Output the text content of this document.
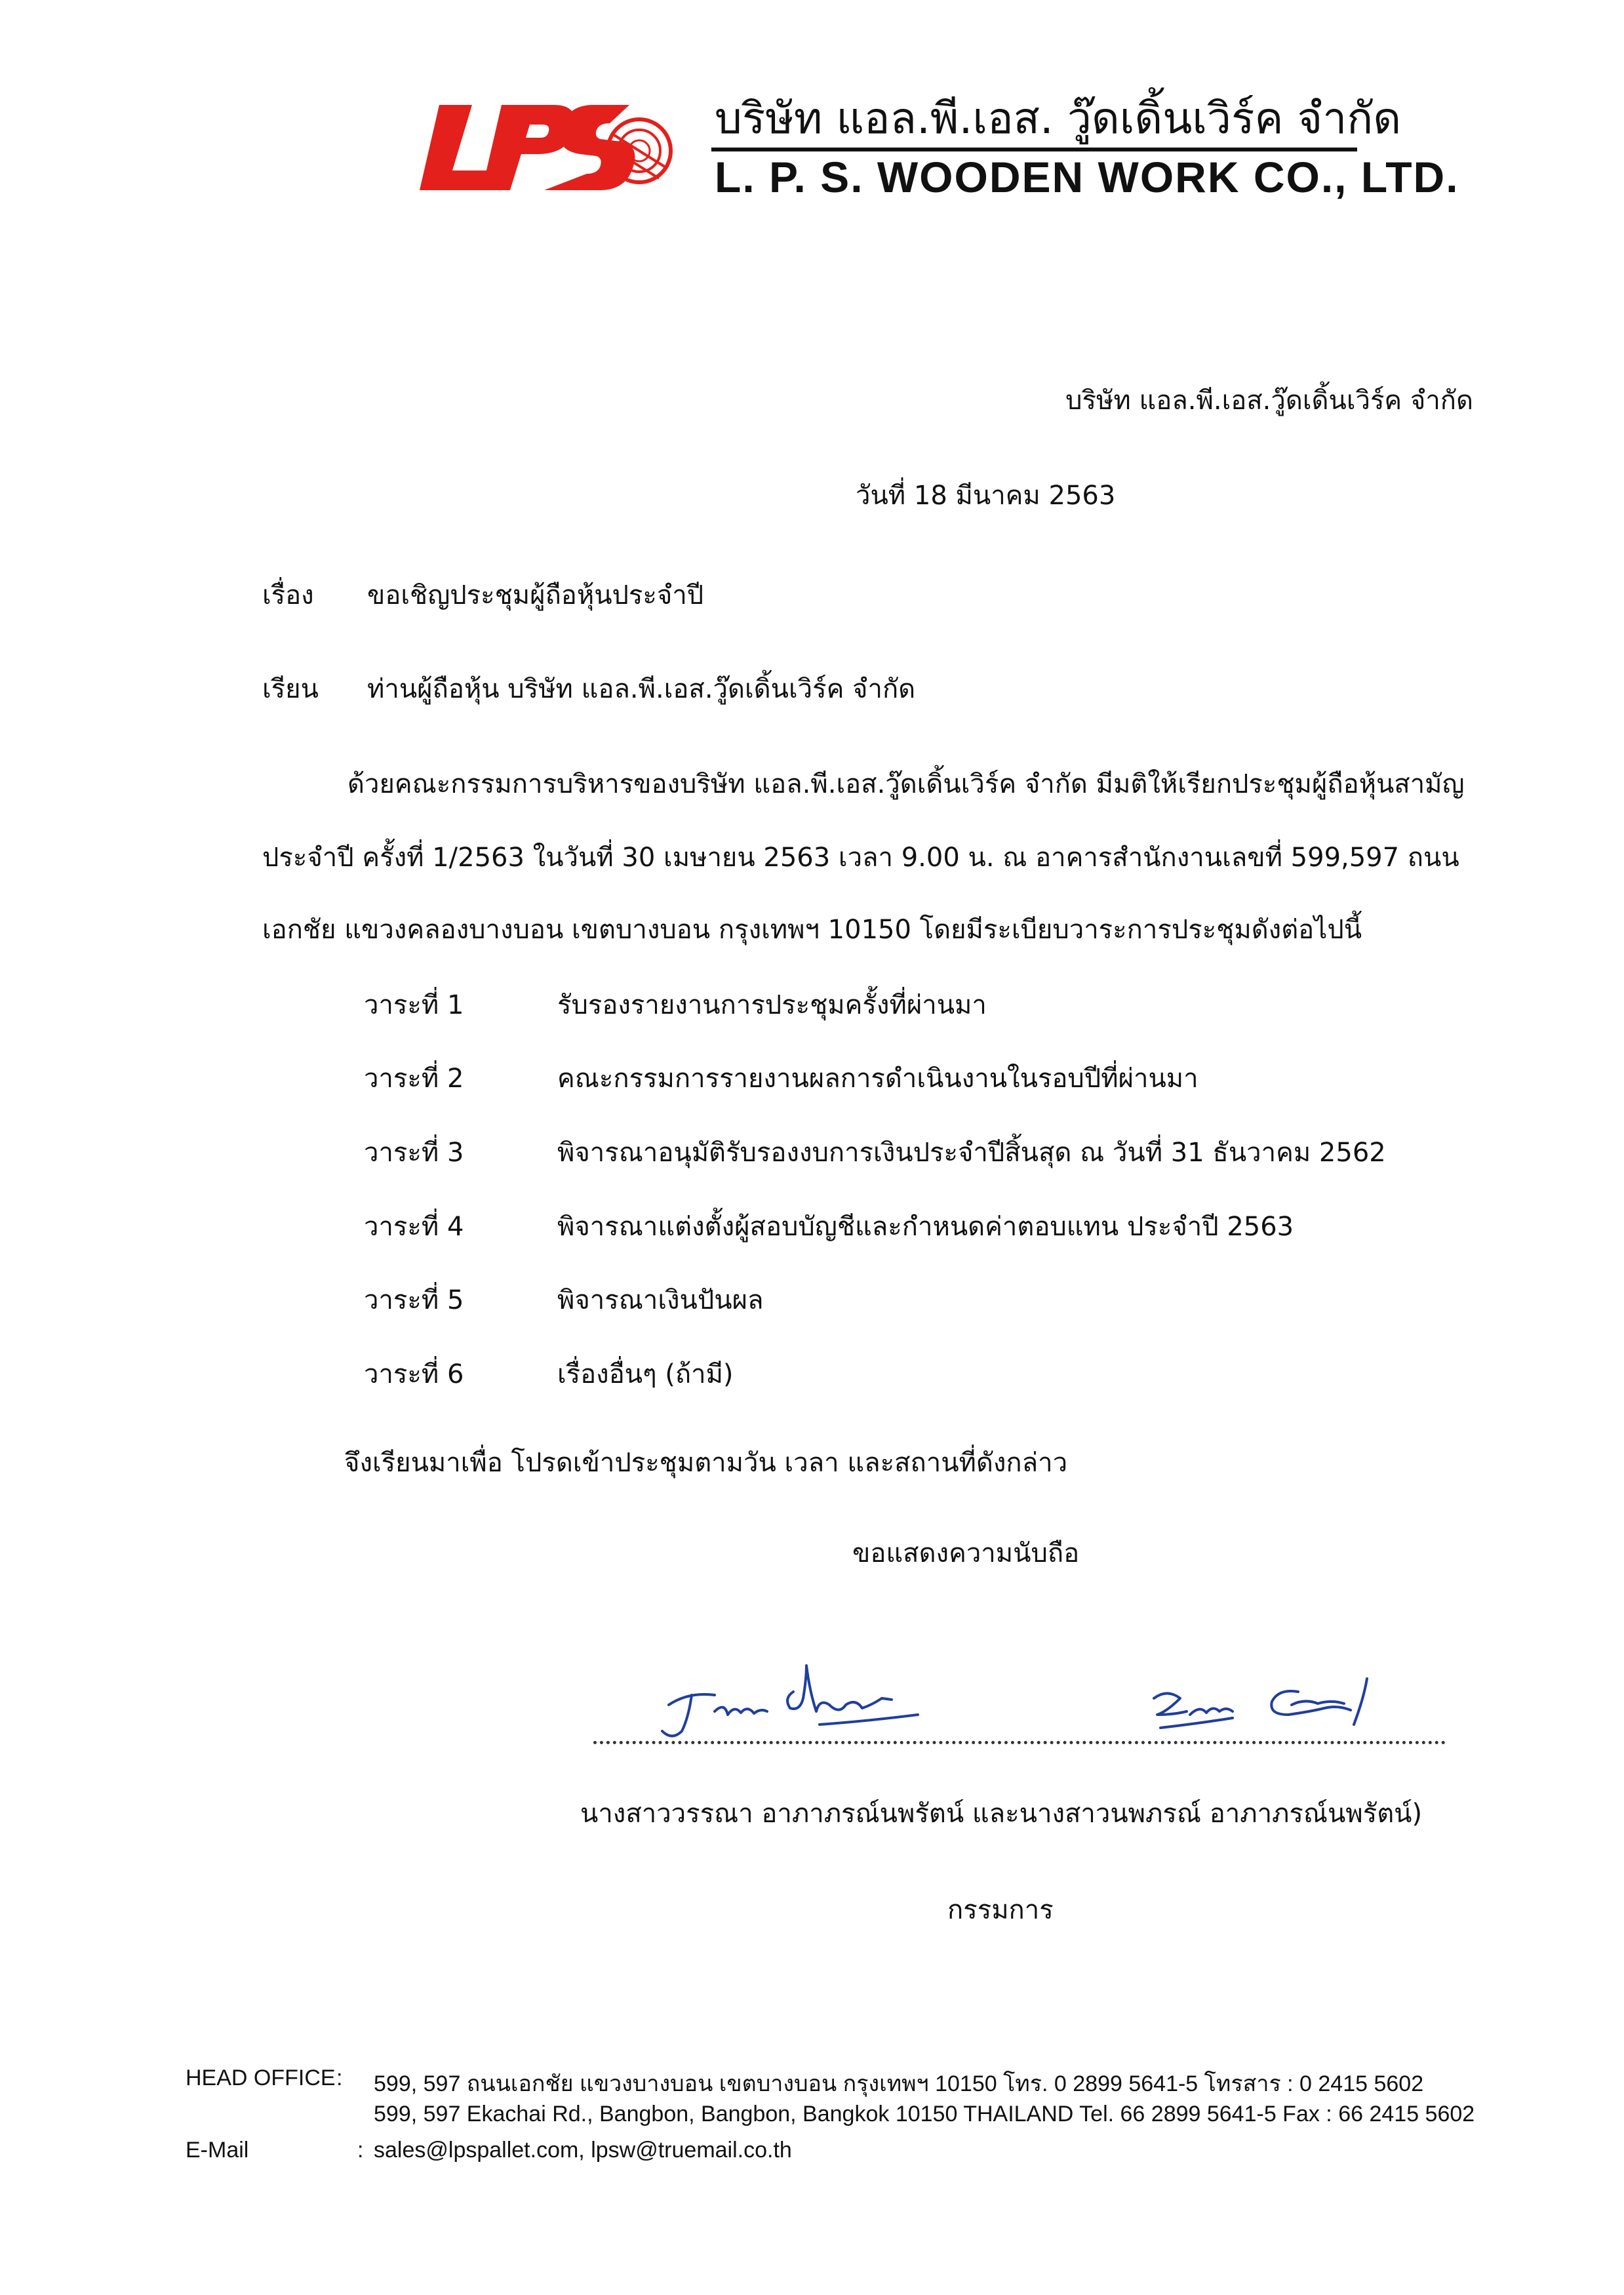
บริษัท แอล.พี.เอส. วู๊ดเดิ้นเวิร์ค จำกัด
L. P. S. WOODEN WORK CO., LTD.
บริษัท แอล.พี.เอส.วู๊ดเดิ้นเวิร์ค จำกัด
วันที่ 18 มีนาคม 2563
เรื่อง ขอเชิญประชุมผู้ถือหุ้นประจำปี
เรียน ท่านผู้ถือหุ้น บริษัท แอล.พี.เอส.วู๊ดเดิ้นเวิร์ค จำกัด
ด้วยคณะกรรมการบริหารของบริษัท แอล.พี.เอส.วู๊ดเดิ้นเวิร์ค จำกัด มีมติให้เรียกประชุมผู้ถือหุ้นสามัญ
ประจำปี ครั้งที่ 1/2563 ในวันที่ 30 เมษายน 2563 เวลา 9.00 น. ณ อาคารสำนักงานเลขที่ 599,597 ถนน
เอกชัย แขวงคลองบางบอน เขตบางบอน กรุงเทพฯ 10150 โดยมีระเบียบวาระการประชุมดังต่อไปนี้
วาระที่ 1	รับรองรายงานการประชุมครั้งที่ผ่านมา
วาระที่ 2	คณะกรรมการรายงานผลการดำเนินงานในรอบปีที่ผ่านมา
วาระที่ 3	พิจารณาอนุมัติรับรองงบการเงินประจำปีสิ้นสุด ณ วันที่ 31 ธันวาคม 2562
วาระที่ 4	พิจารณาแต่งตั้งผู้สอบบัญชีและกำหนดค่าตอบแทน ประจำปี 2563
วาระที่ 5	พิจารณาเงินปันผล
วาระที่ 6	เรื่องอื่นๆ (ถ้ามี)
จึงเรียนมาเพื่อ โปรดเข้าประชุมตามวัน เวลา และสถานที่ดังกล่าว
ขอแสดงความนับถือ
นางสาววรรณา อาภาภรณ์นพรัตน์ และนางสาวนพภรณ์ อาภาภรณ์นพรัตน์)
กรรมการ
HEAD OFFICE : 599, 597 ถนนเอกชัย แขวงบางบอน เขตบางบอน กรุงเทพฯ 10150 โทร. 0 2899 5641-5 โทรสาร : 0 2415 5602
599, 597 Ekachai Rd., Bangbon, Bangbon, Bangkok 10150 THAILAND Tel. 66 2899 5641-5 Fax : 66 2415 5602
E-Mail	: sales@lpspallet.com, lpsw@truemail.co.th
